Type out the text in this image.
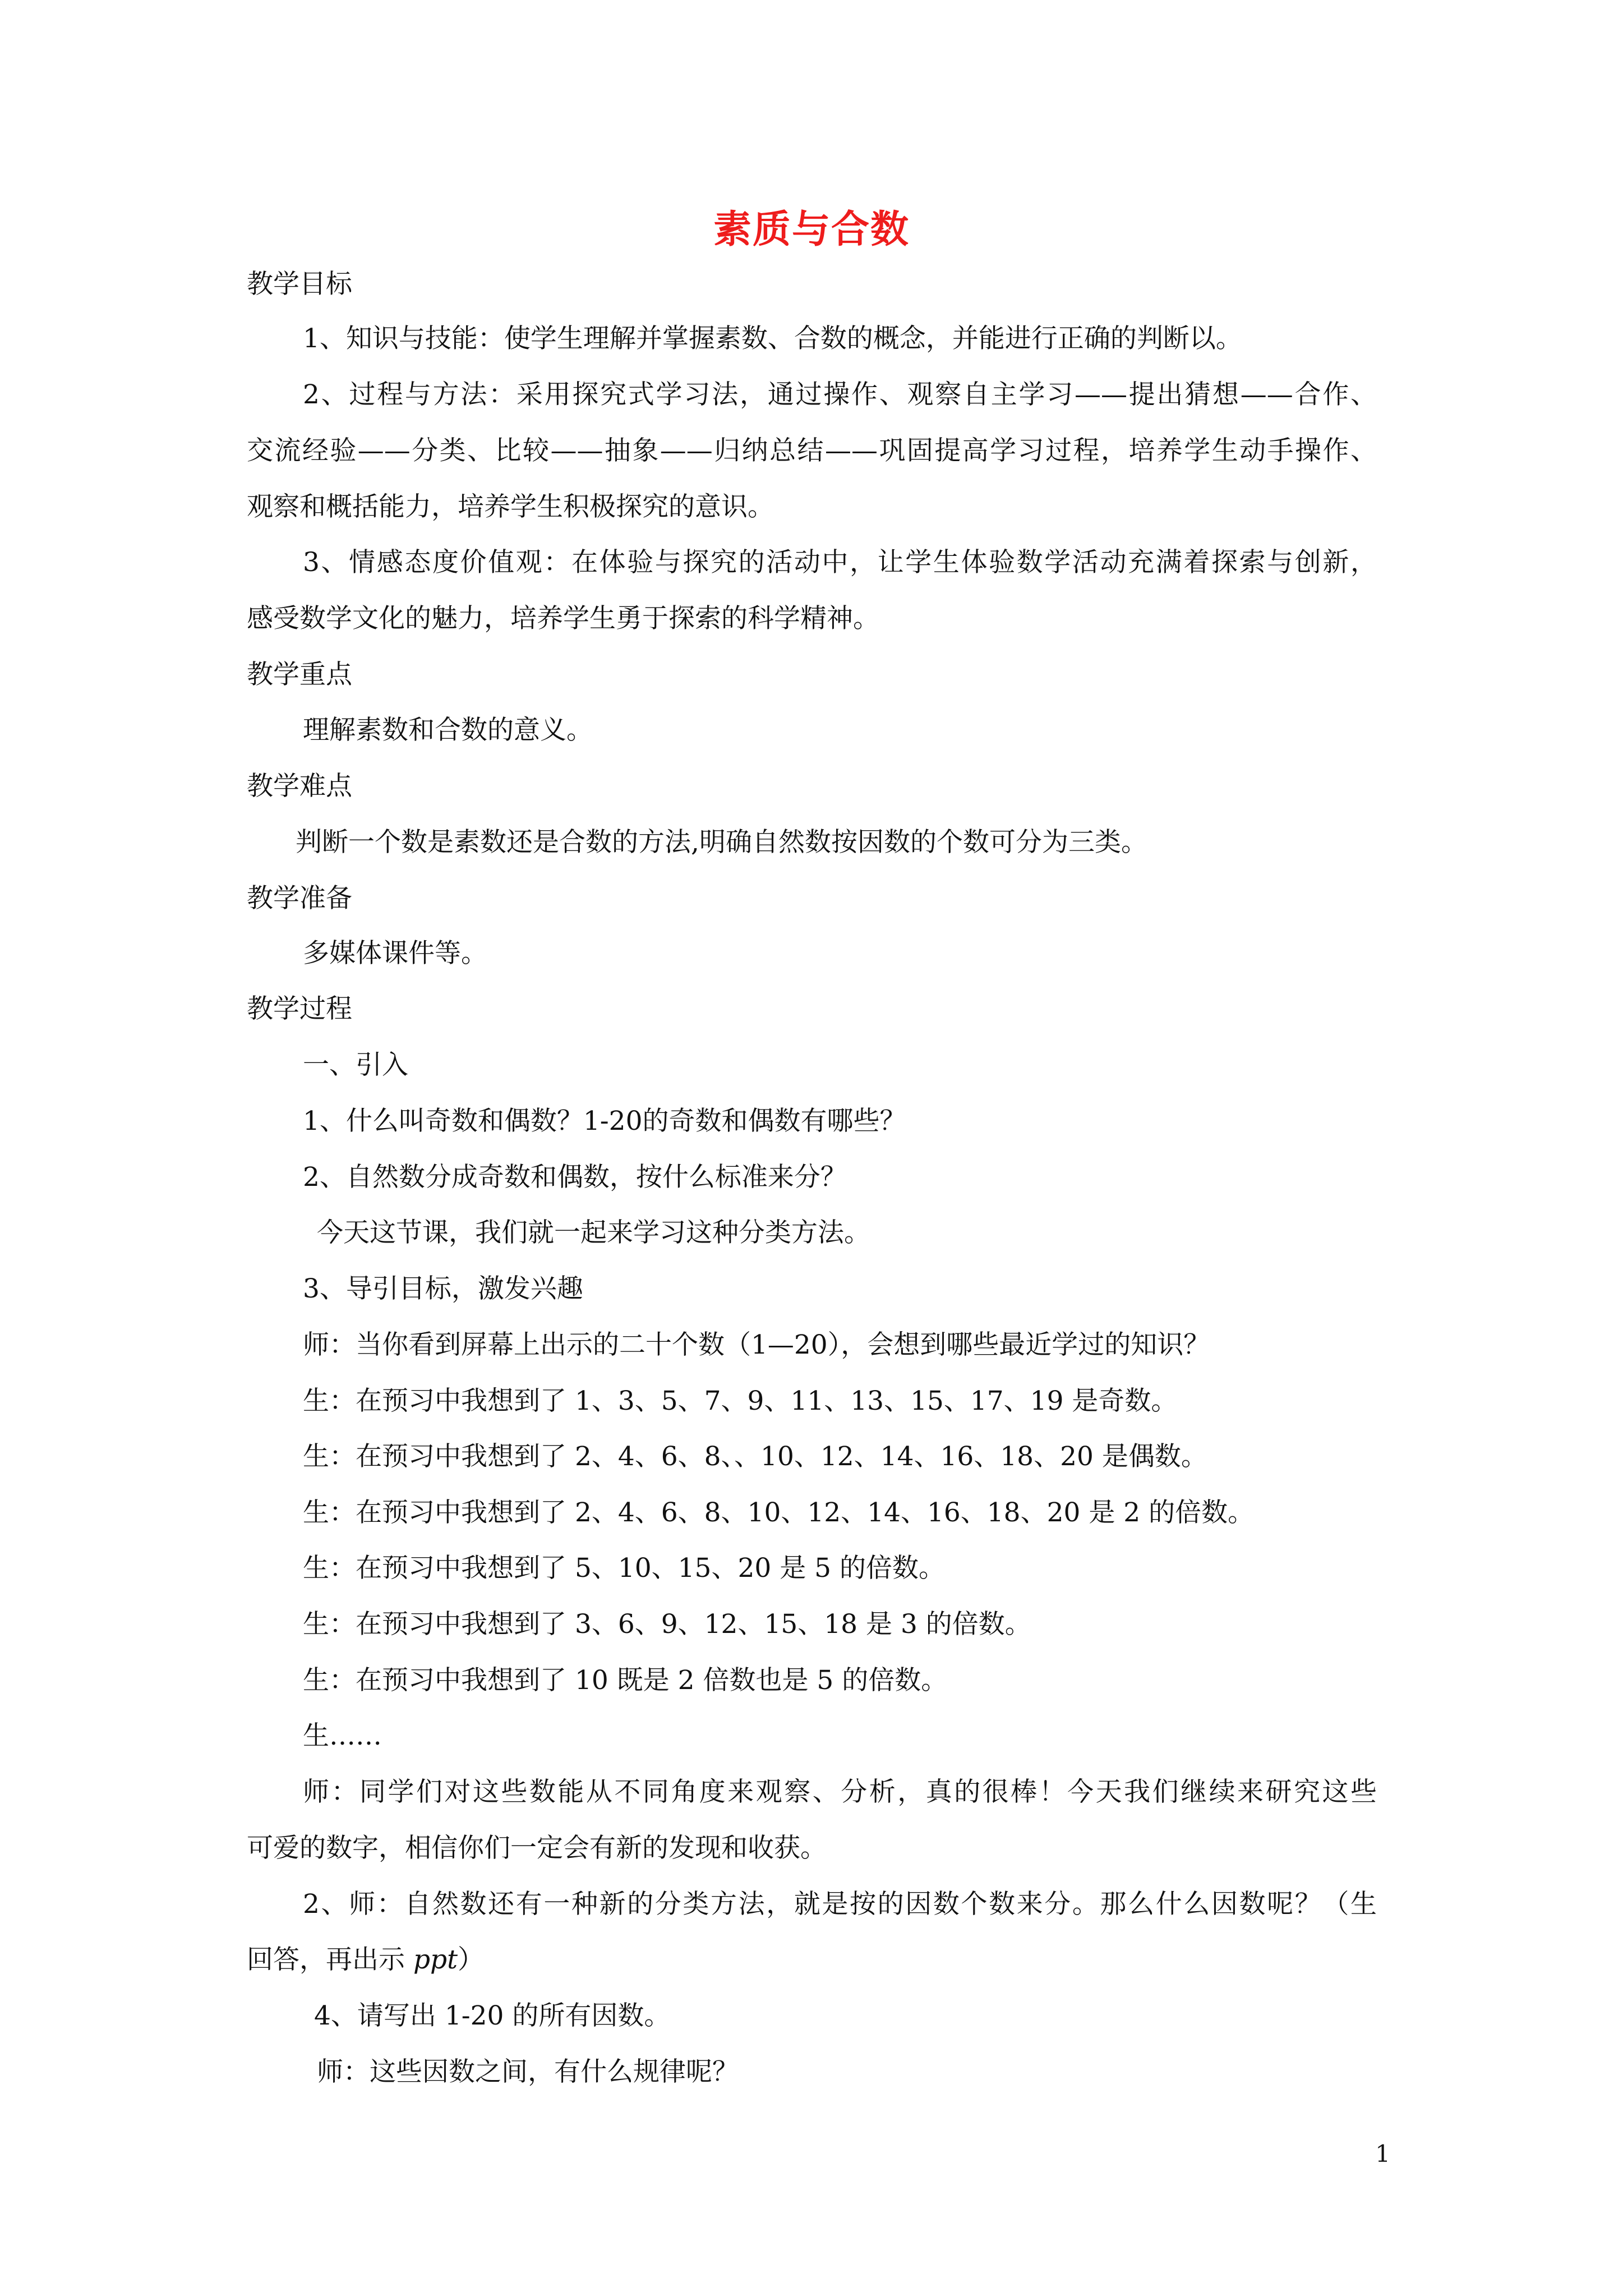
素质与合数
教学目标
1、知识与技能：使学生理解并掌握素数、合数的概念，并能进行正确的判断以。
2、过程与方法：采用探究式学习法，通过操作、观察自主学习——提出猜想——合作、
交流经验——分类、比较——抽象——归纳总结——巩固提高学习过程，培养学生动手操作、
观察和概括能力，培养学生积极探究的意识。
3、情感态度价值观：在体验与探究的活动中，让学生体验数学活动充满着探索与创新，
感受数学文化的魅力，培养学生勇于探索的科学精神。
教学重点
理解素数和合数的意义。
教学难点
判断一个数是素数还是合数的方法,明确自然数按因数的个数可分为三类。
教学准备
多媒体课件等。
教学过程
一、引入
1、什么叫奇数和偶数？1-20的奇数和偶数有哪些？
2、自然数分成奇数和偶数，按什么标准来分？
今天这节课，我们就一起来学习这种分类方法。
3、导引目标，激发兴趣
师：当你看到屏幕上出示的二十个数（1—20），会想到哪些最近学过的知识？
生：在预习中我想到了 1、3、5、7、9、11、13、15、17、19 是奇数。
生：在预习中我想到了 2、4、6、8、、10、12、14、16、18、20 是偶数。
生：在预习中我想到了 2、4、6、8、10、12、14、16、18、20 是 2 的倍数。
生：在预习中我想到了 5、10、15、20 是 5 的倍数。
生：在预习中我想到了 3、6、9、12、15、18 是 3 的倍数。
生：在预习中我想到了 10 既是 2 倍数也是 5 的倍数。
生……
师：同学们对这些数能从不同角度来观察、分析，真的很棒！今天我们继续来研究这些
可爱的数字，相信你们一定会有新的发现和收获。
2、师：自然数还有一种新的分类方法，就是按的因数个数来分。那么什么因数呢？（生
回答，再出示 ppt）
4、请写出 1-20 的所有因数。
师：这些因数之间，有什么规律呢？
1
